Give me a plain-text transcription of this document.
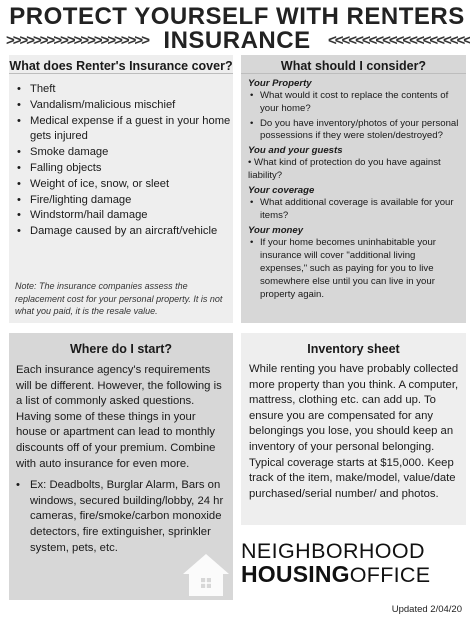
PROTECT YOURSELF WITH RENTERS
>>>>>>>>>>>>>>>>>>>>> INSURANCE	<<<<<<<<<<<<<<<<<<<<<
What does Renter's Insurance cover?
• Theft
• Vandalism/malicious mischief
• Medical expense if a guest in your home gets injured
• Smoke damage
• Falling objects
• Weight of ice, snow, or sleet
• Fire/lighting damage
• Windstorm/hail damage
• Damage caused by an aircraft/vehicle
Note: The insurance companies assess the replacement cost for your personal property. It is not what you paid, it is the resale value.
What should I consider?
Your Property
• What would it cost to replace the contents of your home?
• Do you have inventory/photos of your personal possessions if they were stolen/destroyed?
You and your guests
• What kind of protection do you have against liability?
Your coverage
• What additional coverage is available for your items?
Your money
• If your home becomes uninhabitable your insurance will cover "additional living expenses," such as paying for you to live somewhere else until you can live in your property again.
Where do I start?
Each insurance agency's requirements will be different. However, the following is a list of commonly asked questions. Having some of these things in your house or apartment can lead to monthly discounts off of your premium. Combine with auto insurance for even more.
• Ex: Deadbolts, Burglar Alarm, Bars on windows, secured building/lobby, 24 hr cameras, fire/smoke/carbon monoxide detectors, fire extinguisher, sprinkler system, pets, etc.
Inventory sheet
While renting you have probably collected more property than you think. A computer, mattress, clothing etc. can add up. To ensure you are compensated for any belongings you lose, you should keep an inventory of your personal belonging. Typical coverage starts at $15,000. Keep track of the item, make/model, value/date purchased/serial number/ and photos.
NEIGHBORHOOD
HOUSINGOFFICE
Updated 2/04/20
